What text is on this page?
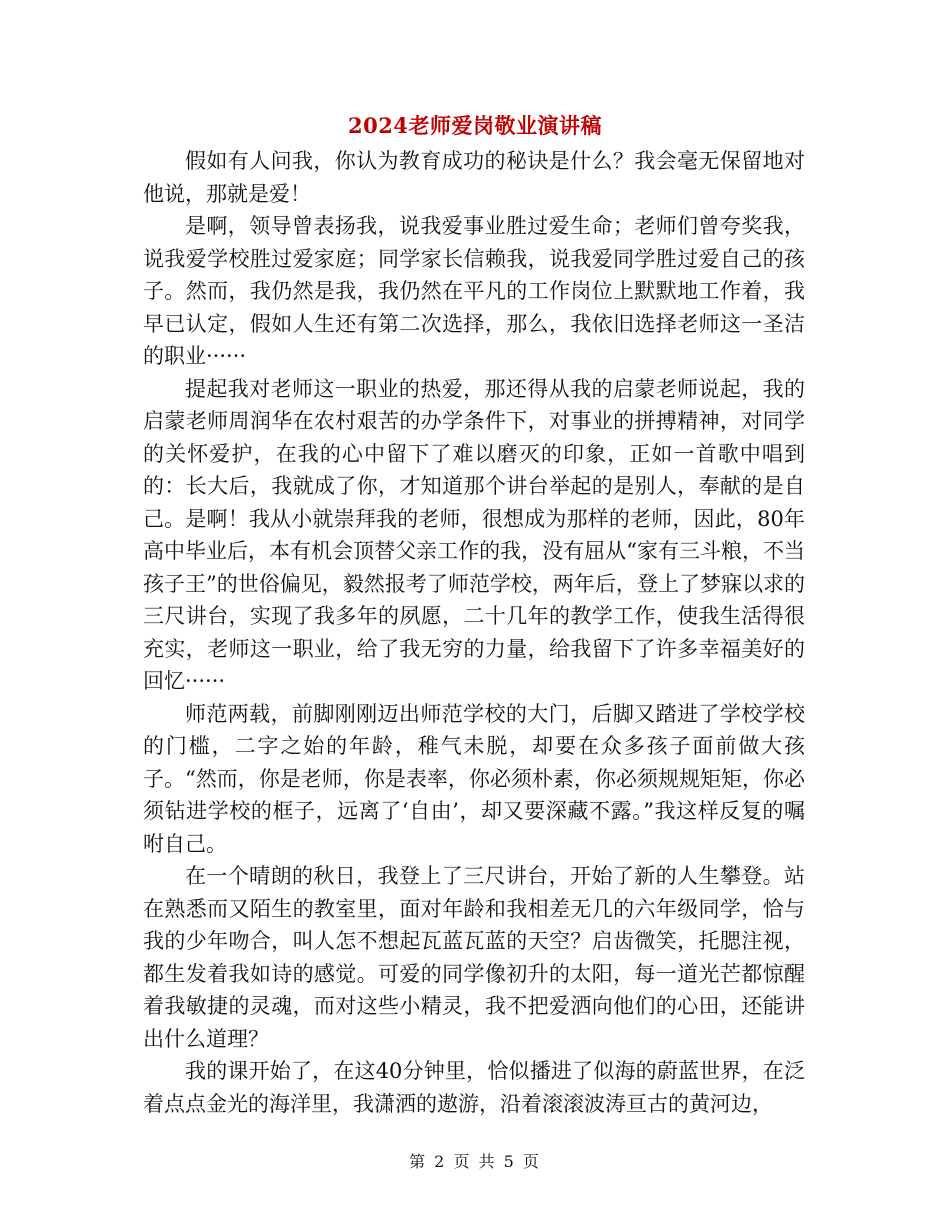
2024老师爱岗敬业演讲稿

假如有人问我，你认为教育成功的秘诀是什么？我会毫无保留地对他说，那就是爱！

是啊，领导曾表扬我，说我爱事业胜过爱生命；老师们曾夸奖我，说我爱学校胜过爱家庭；同学家长信赖我，说我爱同学胜过爱自己的孩子。然而，我仍然是我，我仍然在平凡的工作岗位上默默地工作着，我早已认定，假如人生还有第二次选择，那么，我依旧选择老师这一圣洁的职业······

提起我对老师这一职业的热爱，那还得从我的启蒙老师说起，我的启蒙老师周润华在农村艰苦的办学条件下，对事业的拼搏精神，对同学的关怀爱护，在我的心中留下了难以磨灭的印象，正如一首歌中唱到的：长大后，我就成了你，才知道那个讲台举起的是别人，奉献的是自己。是啊！我从小就崇拜我的老师，很想成为那样的老师，因此，80年高中毕业后，本有机会顶替父亲工作的我，没有屈从“家有三斗粮，不当孩子王”的世俗偏见，毅然报考了师范学校，两年后，登上了梦寐以求的三尺讲台，实现了我多年的夙愿，二十几年的教学工作，使我生活得很充实，老师这一职业，给了我无穷的力量，给我留下了许多幸福美好的回忆······

师范两载，前脚刚刚迈出师范学校的大门，后脚又踏进了学校学校的门槛，二字之始的年龄，稚气未脱，却要在众多孩子面前做大孩子。“然而，你是老师，你是表率，你必须朴素，你必须规规矩矩，你必须钻进学校的框子，远离了‘自由’，却又要深藏不露。”我这样反复的嘱咐自己。

在一个晴朗的秋日，我登上了三尺讲台，开始了新的人生攀登。站在熟悉而又陌生的教室里，面对年龄和我相差无几的六年级同学，恰与我的少年吻合，叫人怎不想起瓦蓝瓦蓝的天空？启齿微笑，托腮注视，都生发着我如诗的感觉。可爱的同学像初升的太阳，每一道光芒都惊醒着我敏捷的灵魂，而对这些小精灵，我不把爱洒向他们的心田，还能讲出什么道理？

我的课开始了，在这40分钟里，恰似播进了似海的蔚蓝世界，在泛着点点金光的海洋里，我潇洒的遨游，沿着滚滚波涛亘古的黄河边，

第 2 页 共 5 页
